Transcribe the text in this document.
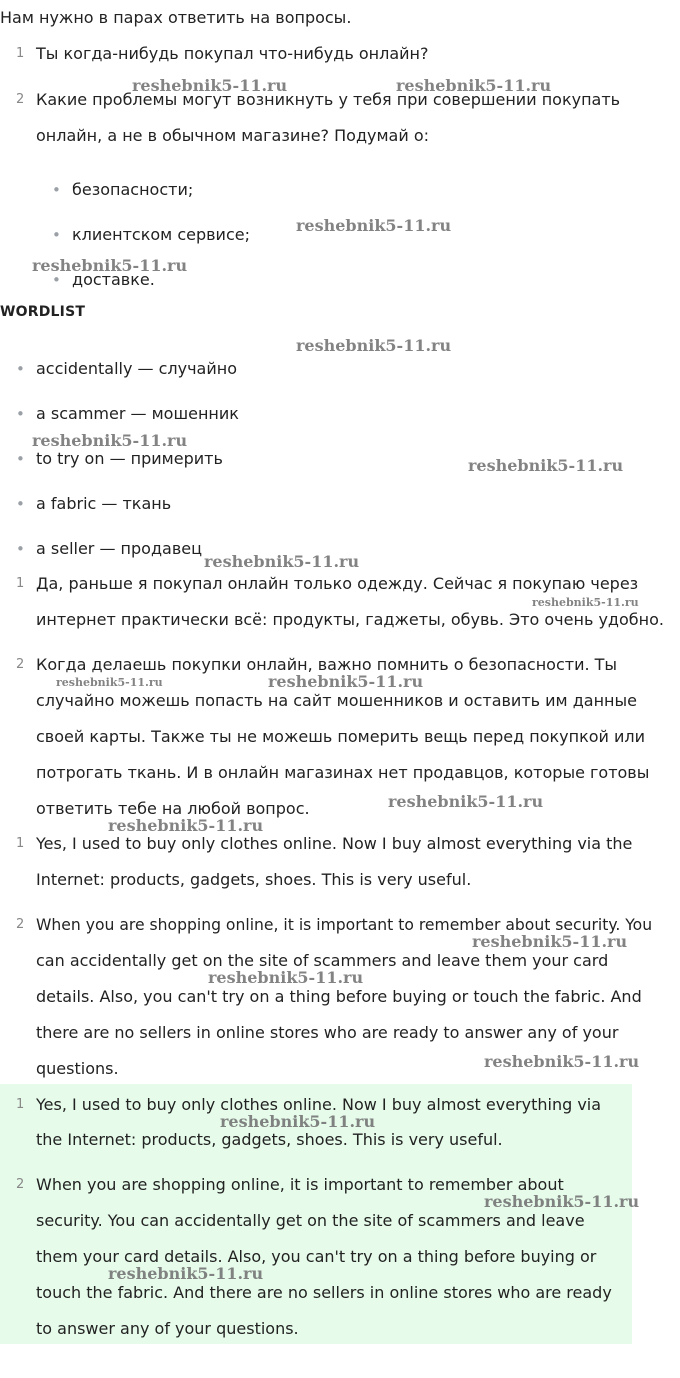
Нам нужно в парах ответить на вопросы.
1 Ты когда-нибудь покупал что-нибудь онлайн?
2 Какие проблемы могут возникнуть у тебя при совершении покупать
онлайн, а не в обычном магазине? Подумай о:
• безопасности;
• клиентском сервисе;
• доставке.
WORDLIST
• accidentally — случайно
• a scammer — мошенник
• to try on — примерить
• a fabric — ткань
• a seller — продавец
1 Да, раньше я покупал онлайн только одежду. Сейчас я покупаю через
интернет практически всё: продукты, гаджеты, обувь. Это очень удобно.
2 Когда делаешь покупки онлайн, важно помнить о безопасности. Ты
случайно можешь попасть на сайт мошенников и оставить им данные
своей карты. Также ты не можешь померить вещь перед покупкой или
потрогать ткань. И в онлайн магазинах нет продавцов, которые готовы
ответить тебе на любой вопрос.
1 Yes, I used to buy only clothes online. Now I buy almost everything via the
Internet: products, gadgets, shoes. This is very useful.
2 When you are shopping online, it is important to remember about security. You
can accidentally get on the site of scammers and leave them your card
details. Also, you can't try on a thing before buying or touch the fabric. And
there are no sellers in online stores who are ready to answer any of your
questions.
1 Yes, I used to buy only clothes online. Now I buy almost everything via
the Internet: products, gadgets, shoes. This is very useful.
2 When you are shopping online, it is important to remember about
security. You can accidentally get on the site of scammers and leave
them your card details. Also, you can't try on a thing before buying or
touch the fabric. And there are no sellers in online stores who are ready
to answer any of your questions.
reshebnik5-11.ru	reshebnik5-11.ru
reshebnik5-11.ru
reshebnik5-11.ru
reshebnik5-11.ru
reshebnik5-11.ru
reshebnik5-11.ru
reshebnik5-11.ru
reshebnik5-11.ru
reshebnik5-11.ru	reshebnik5-11.ru
reshebnik5-11.ru
reshebnik5-11.ru
reshebnik5-11.ru
reshebnik5-11.ru
reshebnik5-11.ru
reshebnik5-11.ru
reshebnik5-11.ru
reshebnik5-11.ru
